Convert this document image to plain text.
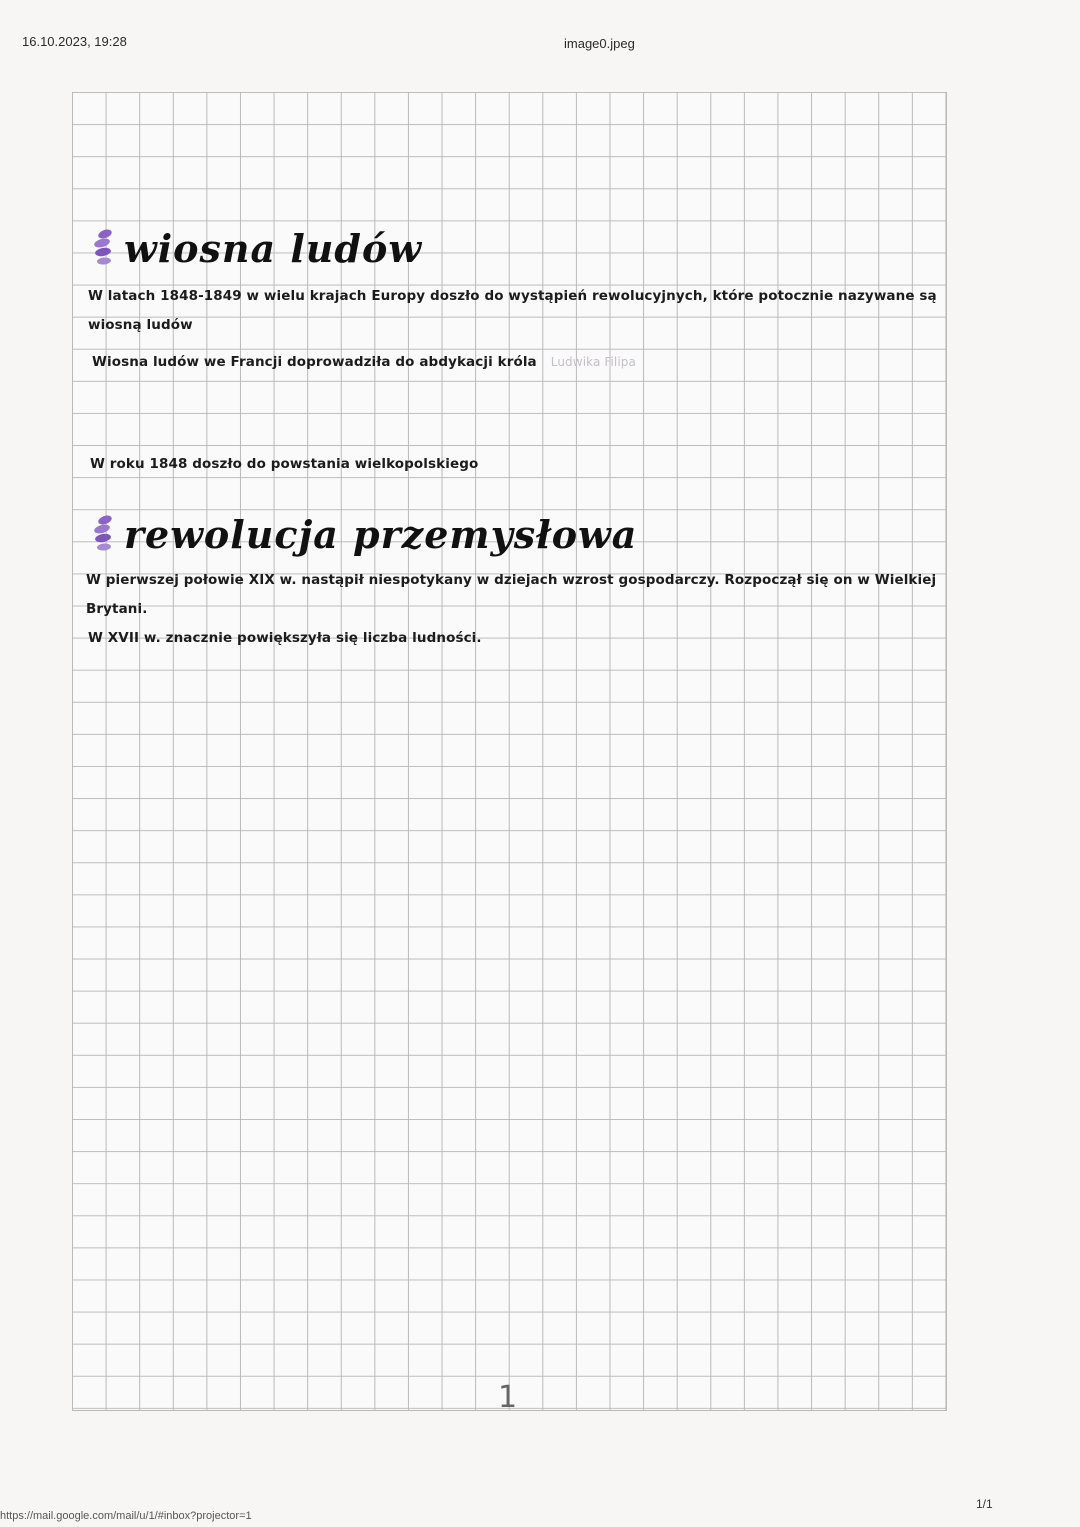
16.10.2023, 19:28	image0.jpeg
wiosna ludów
W latach 1848-1849 w wielu krajach Europy doszło do wystąpień rewolucyjnych, które potocznie nazywane są wiosną ludów
Wiosna ludów we Francji doprowadziła do abdykacji króla Ludwika Filipa
W roku 1848 doszło do powstania wielkopolskiego
rewolucja przemysłowa
W pierwszej połowie XIX w. nastąpił niespotykany w dziejach wzrost gospodarczy. Rozpoczął się on w Wielkiej Brytani.
W XVII w. znacznie powiększyła się liczba ludności.
1
https://mail.google.com/mail/u/1/#inbox?projector=1
1/1
